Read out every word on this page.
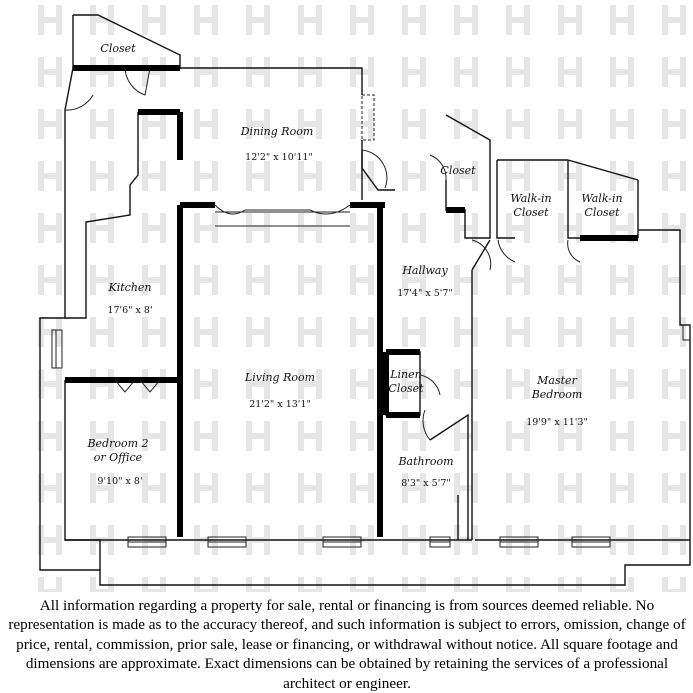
Closet
Dining Room
12'2" x 10'11"
Closet
Walk-in
Closet
Walk-in
Closet
Kitchen
17'6" x 8'
Hallway
17'4" x 5'7"
Living Room
21'2" x 13'1"
Linen
Closet
Master
Bedroom
19'9" x 11'3"
Bedroom 2
or Office
9'10" x 8'
Bathroom
8'3" x 5'7"

All information regarding a property for sale, rental or financing is from sources deemed reliable. No representation is made as to the accuracy thereof, and such information is subject to errors, omission, change of price, rental, commission, prior sale, lease or financing, or withdrawal without notice. All square footage and dimensions are approximate. Exact dimensions can be obtained by retaining the services of a professional architect or engineer.
